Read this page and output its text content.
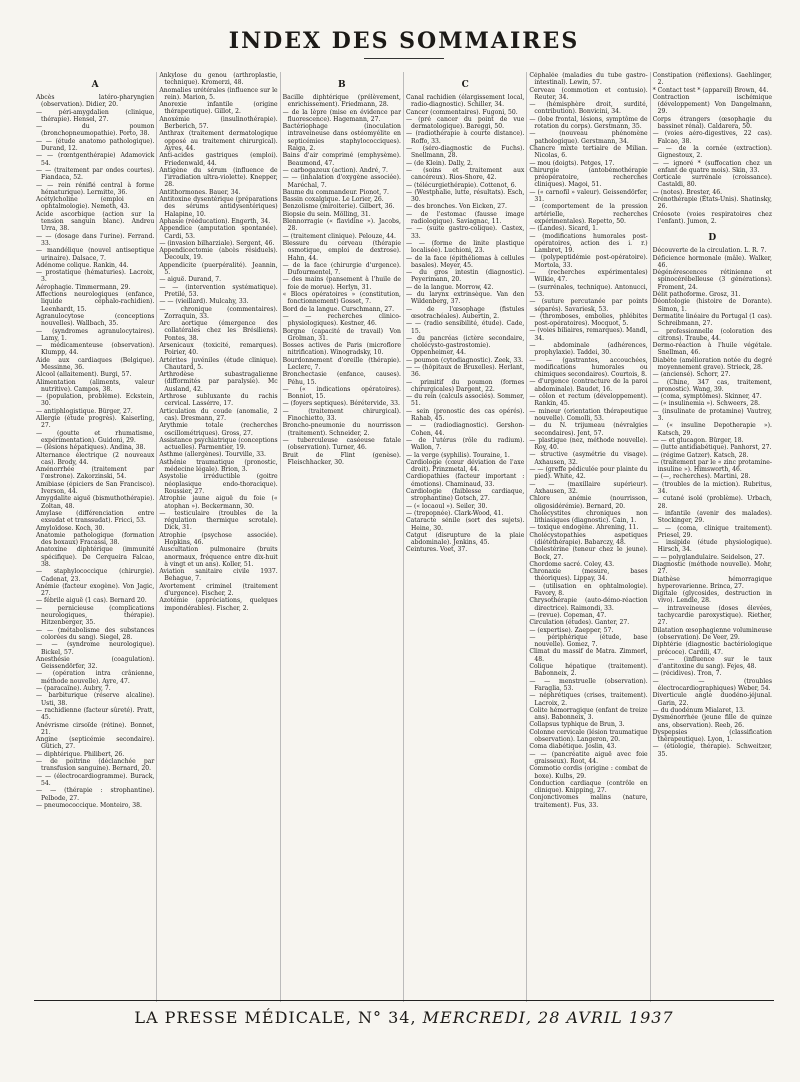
INDEX DES SOMMAIRES
A

Abcès latéro-pharyngien (observation). Didier, 20.

— péri-amygdalien (clinique, thérapie). Hensel, 27.

— du poumon (bronchopneumopathie). Porto, 38.

— — (étude anatomo pathologique). Durand, 12.

— — (rœntgenthérapie) Adamovick 54.

— — (traitement par ondes courtes). Fiandaca, 52.

— — rein rénifié central à forme hématurique). Lermitte, 36.

Acétylcholine (emploi en ophtalmologie). Nemeth, 43.

Acide ascorbique (action sur la tension sanguin blanc). Andreu Urra, 38.

— — (dosage dans l'urine). Ferrand. 33.

— mandélique (nouvel antiseptique urinaire). Dalsace, 7.

Adénome colique. Rankin, 44.

— prostatique (hématuries). Lacroix, 3.

Aérophagie. Timmermann, 29.

Affections neurologiques (enfance, liquide céphalo-rachidien). Leenhardt, 15.

Agranulocytose (conceptions nouvelles). Wallbach, 35.

— (syndromes agranulocytaires). Lamy, 1.

— médicamenteuse (observation). Klumpp, 44.

Aide aux cardiaques (Belgique). Messinne, 36.

Alcool (allaitement). Burgi, 57.

Alimentation (aliments, valeur nutritive). Campos, 38.

— (population, problème). Eckstein, 30.

— antiphlogistique. Bürger, 27.

Allergie (étude progrès). Kaiserling, 27.

— (goutte et rhumatisme, expérimentation). Guidoni, 29.

— (lésions hépatiques). Andina, 38.

Alternance électrique (2 nouveaux cas). Brody, 44.

Aménorrhée (traitement par l'œstrone). Zakorzinski, 54.

Amibiase (épiciers de San Francisco). Iverson, 44.

Amygdalite aiguë (bismuthothérapie). Zoltan, 48.

Amylase (différenciation entre exsudat et transsudat). Fricci, 53.

Amyloïdose. Koch, 30.

Anatomie pathologique (formation des boxaux) Fracassi, 38.

Anatoxine diphtérique (immunité spécifique). De Cerqueira Falcao, 38.

— staphylococcique (chirurgie). Cadenat, 23.

Anémie (facteur exogène). Von Jagic, 27.

— fébrile aiguë (1 cas). Bernard 20.

— pernicieuse (complications neurologiques, thérapie). Hitzenberger, 35.

— — (métabolisme des substances colorées du sang). Siegel, 28.

— — (syndrome neurologique). Bickel, 57.

Anesthésie (coagulation). Geissendörfer, 32.

— (opération intra crânienne, méthode nouvelle). Ayre, 47.

— (paracaïne). Aubry, 7.

— barbiturique (réserve alcaline). Usti, 38.

— rachidienne (facteur sûreté). Pratt, 45.

Anévrisme cirsoïde (rétine). Bonnet, 21.

Angine (septicémie secondaire). Gütich, 27.

— diphtérique. Philibert, 26.

— de poitrine (déclanchée par transfusion sanguine). Bernard, 20.

— — (électrocardiogramme). Burack, 54.

— — (thérapie : strophantine). Pelbode, 27.

— pneumococcique. Monteiro, 38.

Ankylose du genou (arthroplastie, technique). Kromerzi, 48.

Anomalies urétérales (influence sur le rein). Marion, 5.

Anorexie infantile (origine thérapeutique). Gillot, 2.

Anoxémie (insulinothérapie). Berberich, 57.

Anthrax (traitement dermatologique opposé au traitement chirurgical). Ayres, 44.

Anti-acides gastriques (emploi). Friedenwald, 44.

Antigène du sérum (influence de l'irradiation ultra-violette). Knepper, 28.

Antithormones. Bauer, 34.

Antitoxine dysentérique (préparations des sérums antidysentériques) Halapine, 10.

Aphasie (rééducation). Engerth, 34.

Appendice (amputation spontanée). Cardi, 53.

— (invasion bilharziale). Sergent, 46.

Appendicectomie (abcès résiduels). Decoulx, 19.

Appendicite (puerpéralité). Jeannin, 5.

— aiguë. Durand, 7.

— — (intervention systématique). Pretilé, 53.

— — (vieillard). Mulcahy, 33.

— chronique (commentaires). Zorraquin, 33.

Arc aortique (émergence des collatérales chez les Brésiliens). Pontes, 38.

Arsenicaux (toxicité, remarques). Poirier, 40.

Artérites juvéniles (étude clinique). Chautard, 5.

Arthrodèse subastragalienne (difformités par paralysie). Mc Ausland, 42.

Arthrose subluxante du rachis cervical. Lassérre, 17.

Articulation du coude (anomalie, 2 cas). Dresmann, 27.

Arythmie totale (recherches oscillométriques). Gross, 27.

Assistance psychiatrique (conceptions actuelles). Parmentier, 19.

Asthme (allergènes). Tourville, 33.

Asthénie traumatique (pronostic, médecine légale). Brion, 3.

Asystolie irréductible (goitre néoplasique endo-thoracique). Roussier, 27.

Atrophie jaune aiguë du foie (« atophan »). Beckermann, 30.

— testiculaire (troubles de la régulation thermique scrotale). Dick, 31.

Atrophie (psychose associée). Hopkins, 46.

Auscultation pulmonaire (bruits anormaux, fréquence entre dix-huit à vingt et un ans). Koller, 51.

Aviation sanitaire civile 1937. Behague, 7.

Avortement criminel (traitement d'urgence). Fischer, 2.

Azotémie (appréciations, quelques impondérables). Fischer, 2.

B

Bacille diphtérique (prélèvement, enrichissement). Friedmann, 28.

— de la lèpre (mise en évidence par fluorescence). Hagemann, 27.

Bactériophage (inoculation intraveineuse dans ostéomyélite en septicémies staphylococciques). Raiga, 2.

Bains d'air comprimé (emphysème). Beaumond, 47.

— carbogazeux (action). André, 7.

— — (inhalation d'oxygène associée). Maréchal, 7.

Baume du commandeur. Pionot, 7.

Bassin coxalgique. Le Lorier, 26.

Benzolisme (miroiterie). Gilbert, 36.

Biopsie du sein. Mölling, 31.

Blennorragie (« flavidine »). Jacobs, 28.

— (traitement clinique). Pelouze, 44.

Blessure du cerveau (thérapie osmotique, emploi de dextrose). Hahn, 44.

— de la face (chirurgie d'urgence). Dufourmentel, 7.

— des mains (pansement à l'huile de foie de morue). Herlyn, 31.

« Blocs opératoires » (constitution, fonctionnement) Gosset, 7.

Bord de la langue. Curschmann, 27.

— — recherches clinico-physiologiques). Kestner, 46.

Borgne (capacité de travail) Von Grolman, 31.

Bosses actives de Paris (microflore nitrification). Winogradsky, 10.

Bourdonnement d'oreille (thérapie). Leclerc, 7.

Bronchectasie (enfance, causes). Péhu, 15.

— (« indications opératoires). Bonniot, 15.

— (foyers septiques). Bérétervide, 33.

— (traitement chirurgical). Finochietto, 33.

Broncho-pneumonie du nourrisson (traitement). Schneider, 2.

— tuberculeuse caséeuse fatale (observation). Turner, 46.

Bruit de Flint (genèse). Fleischhacker, 30.

C

Canal rachidien (élargissement local, radio-diagnostic). Schiller, 34.

Cancer (commentaires). Fugoni, 50.

— (pré cancer du point de vue dermatologique). Bareggi, 50.

— (radiothérapie à courte distance). Roffo, 33.

— (séro-diagnostic de Fuchs). Snellmann, 28.

— (de Klein). Dally, 2.

— (soins et traitement aux cancéreux). Rios-Shore, 42.

— (télécurgiethérapie). Cottenot, 6.

— (Westphalie, lutte, résultats). Esch, 30.

— des bronches. Von Eicken, 27.

— de l'estomac (fausse image radiologique). Saviagnac, 11.

— — (suite gastro-colique). Castex, 33.

— — (forme de linite plastique localisée). Luchioni, 23.

— de la face (épithéliomas à cellules basales). Meyer, 45.

— du gros intestin (diagnostic). Peyerimann, 20.

— de la langue. Morrow, 42.

— du larynx extrinsèque. Van den Wildenberg, 37.

— de l'œsophage (fistules œsotrachéales). Aubertin, 2.

— — (radio sensibilité, étude). Cade, 15.

— du pancréas (ictère secondaire, cholécysto-gastrostomie). Oppenheimer, 44.

— poumon (cytodiagnostic). Zeek, 33.

— — (hôpitaux de Bruxelles). Herlant, 36.

— primitif du poumon (formes chirurgicales) Dargent, 22.

— du rein (calculs associés). Sommer, 51.

— sein (pronostic des cas opérés). Rahab, 45.

— — (radiodiagnostic). Gershon-Cohen, 44.

— de l'utérus (rôle du radium). Wallon, 7.

— la verge (syphilis). Touraine, 1.

Cardiologie (cœur déviation de l'axe droit). Prinzmetal, 44.

Cardiopathies (facteur important : émotions). Chaminaud, 33.

Cardiologie (faiblesse cardiaque, strophantine) Gotsch, 27.

— (« locaoul »). Seiler, 30.

— (trepopnée). Clark-Wood, 41.

Cataracte sénile (sort des sujets). Heine, 30.

Catgut (disrupture de la plaie abdominale). Jenkins, 45.

Ceintures. Voet, 37.

Céphalée (maladies du tube gastro-intestinal). Lewin, 57.

Cerveau (commotion et contusio). Reuter, 34.

— (hémisphère droit, surdité, contribution). Bonvicini, 34.

— (lobe frontal, lésions, symptôme de rotation du corps). Gerstmann, 35.

— (nouveau phénomène pathologique). Gerstmann, 34.

Chancre mixte tertiaire de Milian. Nicolas, 6.

— mou (doigts). Petges, 17.

Chirurgie (antobémothérapie préopératoire, recherches cliniques). Magoi, 51.

— (« carnofil » valeur). Geissendörfer, 31.

— (comportement de la pression artérielle, recherches expérimentales). Repetto, 50.

— (Landes). Sicard, 1.

— (modifications humorales post-opératoires, action des i. r.) Lambret, 19.

— (polypeptidémie post-opératoire). Mortola, 33.

— (recherches expérimentales) Wilkie, 47.

— (surrénales, technique). Antonucci, 53.

— (suture percutanée par points séparés). Savariesk, 53.

— (thromboses, embolies, phlébites post-opératoires). Mocquot, 5.

— (voies biliaires, remarques). Mandl, 34.

— abdominale (adhérences, prophylaxie). Taddei, 30.

— — (gastrantes, accouchées, modifications humorales ou chimiques secondaires). Courtois, 8.

— d'urgence (contracture de la paroi abdominale). Baudet, 16.

— côlon et rectum (développement). Rankin, 45.

— mineur (orientation thérapeutique nouvelle). Comolli, 53.

— du N. trijumeau (névralgies secondaires). Jent, 57.

— plastique (nez, méthode nouvelle). Roy, 40.

— structive (asymétrie du visage). Axhausen, 32.

— — (greffe pédiculée pour plainte du pied). White, 42.

— — (maxillaire supérieur). Axhausen, 32.

Chlore anémie (nourrisson, oligosidérémie). Bernard, 20.

Cholécystites chroniques non lithiasiques (diagnostic). Cain, 1.

— toxique endogène. Ahrening, 11.

Cholécystopathies aspetiques (diététhérapie). Babarczy, 48.

Cholestérine (teneur chez le jeune). Bock, 27.

Chordome sacré. Coley, 43.

Chronaxie (mesure, bases théoriques). Lippay, 34.

— (utilisation en ophtalmologie). Favory, 8.

Chrysothérapie (auto-démo-réaction directrice). Raimondi, 33.

— (revue). Copeman, 47.

Circulation (études). Ganter, 27.

— (expertise). Zaepper, 57.

— périphérique (étude, base nouvelle). Gomez, 7.

Climat du massif de Matra. Zimmerl, 48.

Colique hépatique (traitement). Babonneix, 2.

— — menstruelle (observation). Faraglia, 53.

— néphrétiques (crises, traitement). Lacroix, 2.

Colite hémorragique (enfant de treize ans). Babonneix, 3.

Collapsus typhique de Brun, 3.

Colonne cervicale (lésion traumatique observation). Langeron, 20.

Coma diabétique. Joslin, 43.

— — (pancréatite aiguë avec foie graisseux). Root, 44.

Commotio cordis (origine : combat de boxe). Kulbs, 29.

Conduction cardiaque (contrôle en clinique). Knipping, 27.

Conjonctivomes malins (nature, traitement). Fus, 33.

Constipation (réflexions). Gaehlinger, 2.

* Contact test * (appareil) Brown, 44.

Contraction ischémique (développement) Von Dangelmann, 29.

Corps étrangers (œsophagie du bassinet rénal). Caldarera, 50.

— (voies aéro-digestives, 22 cas). Falcao, 38.

— — de la cornée (extraction). Gignestoux, 2.

— — ignoré * (suffocation chez un enfant de quatre mois). Skin, 33.

Corticale surrénale (croissance). Castaldi, 80.

— (notes). Brester, 46.

Crénothérapie (États-Unis). Shatinsky, 26.

Créosote (voies respiratoires chez l'enfant). Jumon, 2.

D

Découverte de la circulation. L. R. 7.

Déficience hormonale (mâle). Walker, 46.

Dégénérescences rétinienne et spinocérébelleuse (3 générations). Froment, 24.

Délit pathoforme. Grosz, 31.

Déontologie (histoire de Dorante). Simon, 1.

Dermatite linéaire du Portugal (1 cas). Schreibmann, 27.

— professionnelle (coloration des citrons). Traube, 44.

Dermo-réaction à l'huile végétale. Snellman, 46.

Diabète (amélioration notée du degré moyennement grave). Strieck, 28.

— (anciensé). Schorr, 27.

— (Chine, 347 cas, traitement, pronostic). Wang, 39.

— (coma, symptômes). Skinner, 47.

— (« insulinemia »). Schweers, 28.

— (insulinate de protamine) Vautrey, 3.

— (« insuline Depotherapie »). Katsch, 29.

— — et glucagon. Bürger, 18.

— (lutte antidiabétique). Panhorst, 27.

— (régime Gatzer). Katsch, 28.

— (traitement par le « zinc protamine-insuline »). Himsworth, 46.

— (—, recherches). Martini, 28.

— (troubles de la miction). Rubritus, 34.

— cutané isolé (problème). Urbach, 28.

— infantile (avenir des malades). Stockinger, 29.

— — (coma, clinique traitement). Priesel, 29.

— insipide (étude physiologique). Hirsch, 34.

— — polyglandulaire. Seidelson, 27.

Diagnostic (méthode nouvelle). Mohr, 27.

Diathèse hémorragique hyperovarienne. Brinca, 27.

Digitale (glycosides, destruction in vivo). Lendle, 28.

— intraveineuse (doses élevées, tachycardie paroxystique). Riether, 27.

Dilatation œsophagienne volumineuse (observation). De Veer, 29.

Diphtérie (diagnostic bactériologique précoce). Cardili, 47.

— — (influence sur le taux d'antitoxine du sang). Fejes, 48.

— (récidives). Tron, 7.

— — (troubles électrocardiographiques) Weber, 54.

Diverticule angle duodéno-jéjunal. Garin, 22.

— du duodénum Mialaret, 13.

Dysménorrhée (jeune fille de quinze ans, observation). Reeb, 26.

Dyspepsies (classification thérapeutique). Lyon, 1.

— (étiologie, thérapie). Schweitzer, 35.

LA PRESSE MÉDICALE, N° 34, MERCREDI, 28 AVRIL 1937
